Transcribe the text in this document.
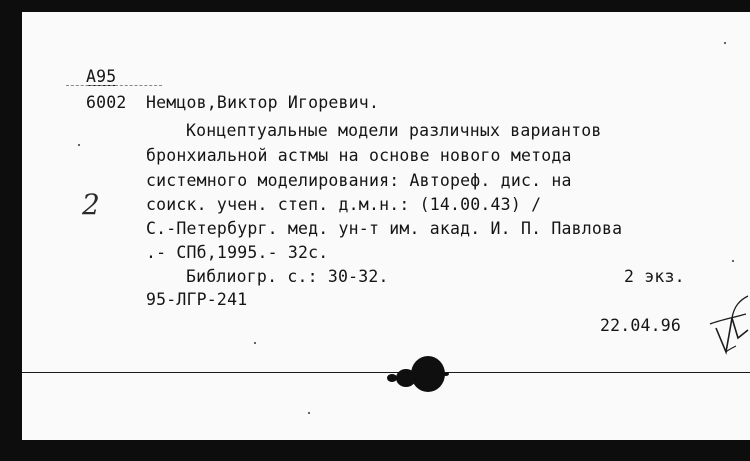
A95
6002 Немцов,Виктор Игоревич.
Концептуальные модели различных вариантов
бронхиальной астмы на основе нового метода
системного моделирования: Автореф. дис. на
соиск. учен. степ. д.м.н.: (14.00.43) /
С.-Петербург. мед. ун-т им. акад. И. П. Павлова
.- СПб,1995.- 32с.
Библиогр. с.: 30-32.	2 экз.
95-ЛГР-241
22.04.96
2
